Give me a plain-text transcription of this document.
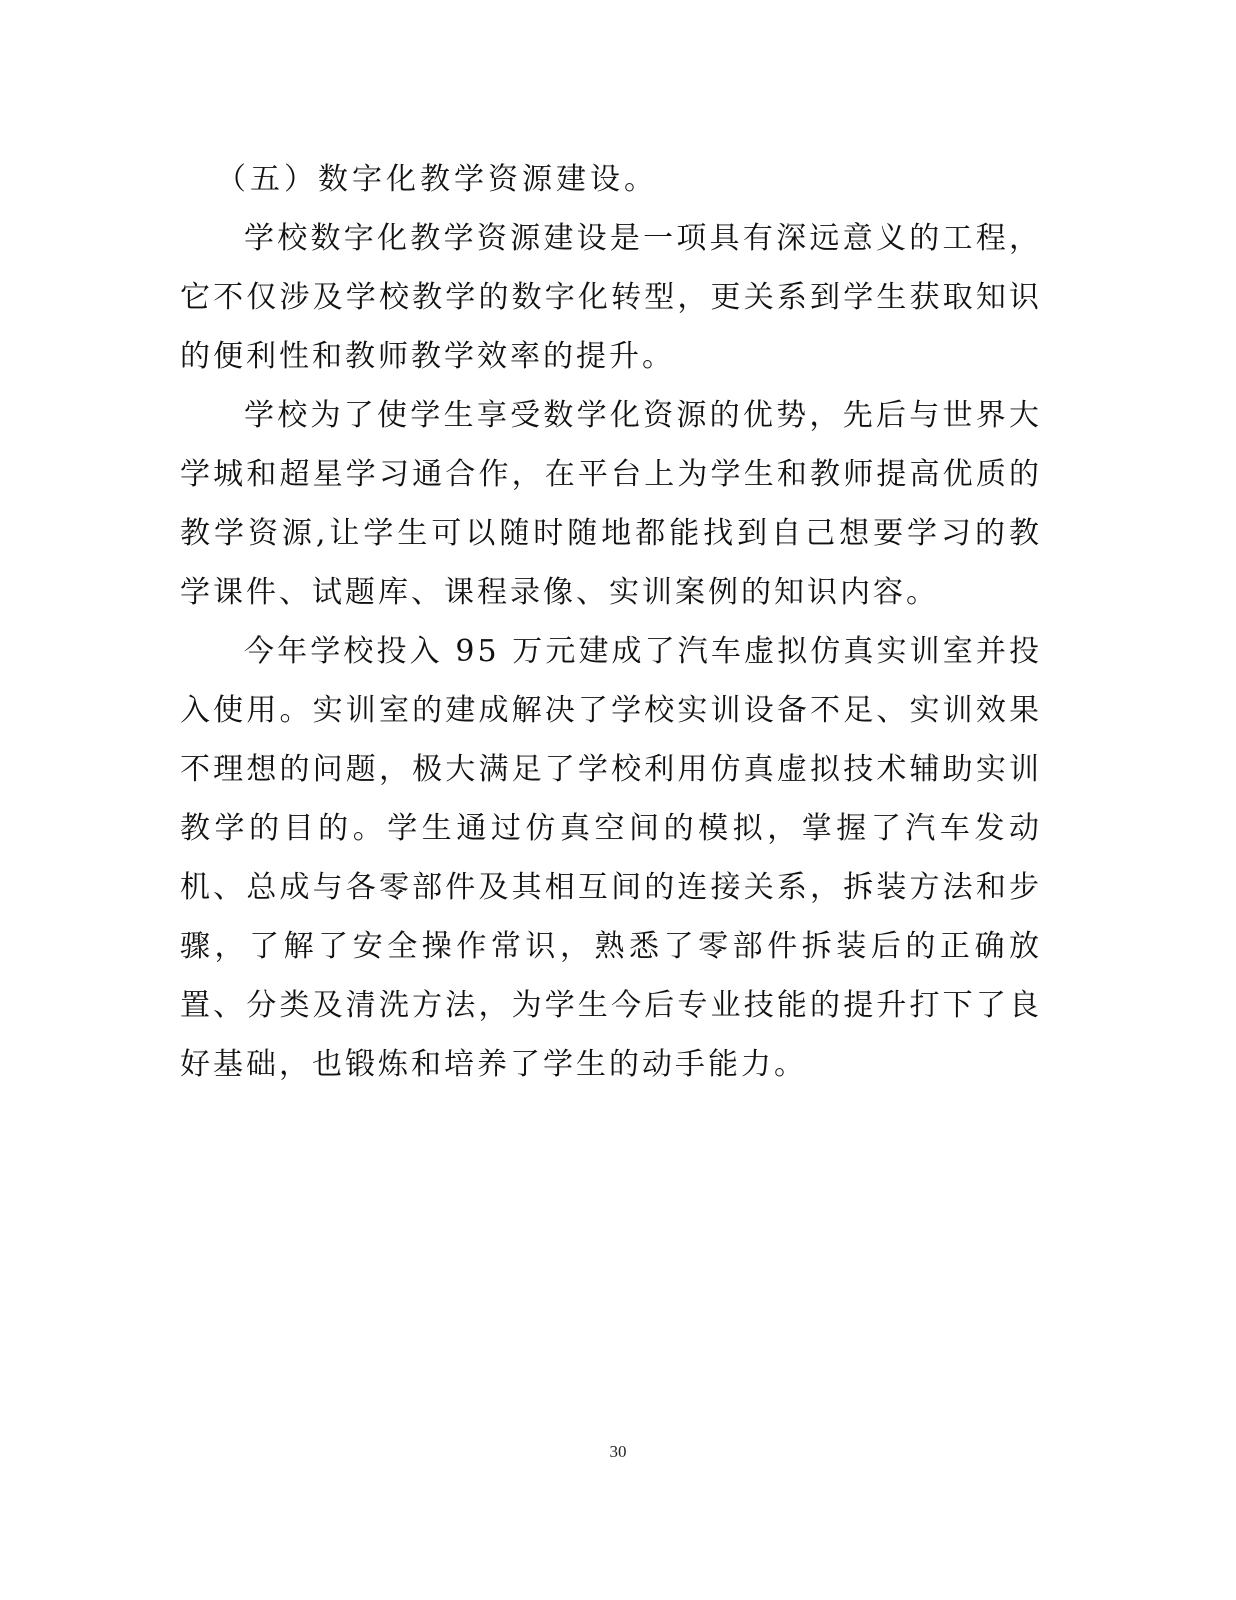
（五）数字化教学资源建设。

学校数字化教学资源建设是一项具有深远意义的工程，它不仅涉及学校教学的数字化转型，更关系到学生获取知识的便利性和教师教学效率的提升。

学校为了使学生享受数学化资源的优势，先后与世界大学城和超星学习通合作，在平台上为学生和教师提高优质的教学资源,让学生可以随时随地都能找到自己想要学习的教学课件、试题库、课程录像、实训案例的知识内容。

今年学校投入 95 万元建成了汽车虚拟仿真实训室并投入使用。实训室的建成解决了学校实训设备不足、实训效果不理想的问题，极大满足了学校利用仿真虚拟技术辅助实训教学的目的。学生通过仿真空间的模拟，掌握了汽车发动机、总成与各零部件及其相互间的连接关系，拆装方法和步骤，了解了安全操作常识，熟悉了零部件拆装后的正确放置、分类及清洗方法，为学生今后专业技能的提升打下了良好基础，也锻炼和培养了学生的动手能力。

30
